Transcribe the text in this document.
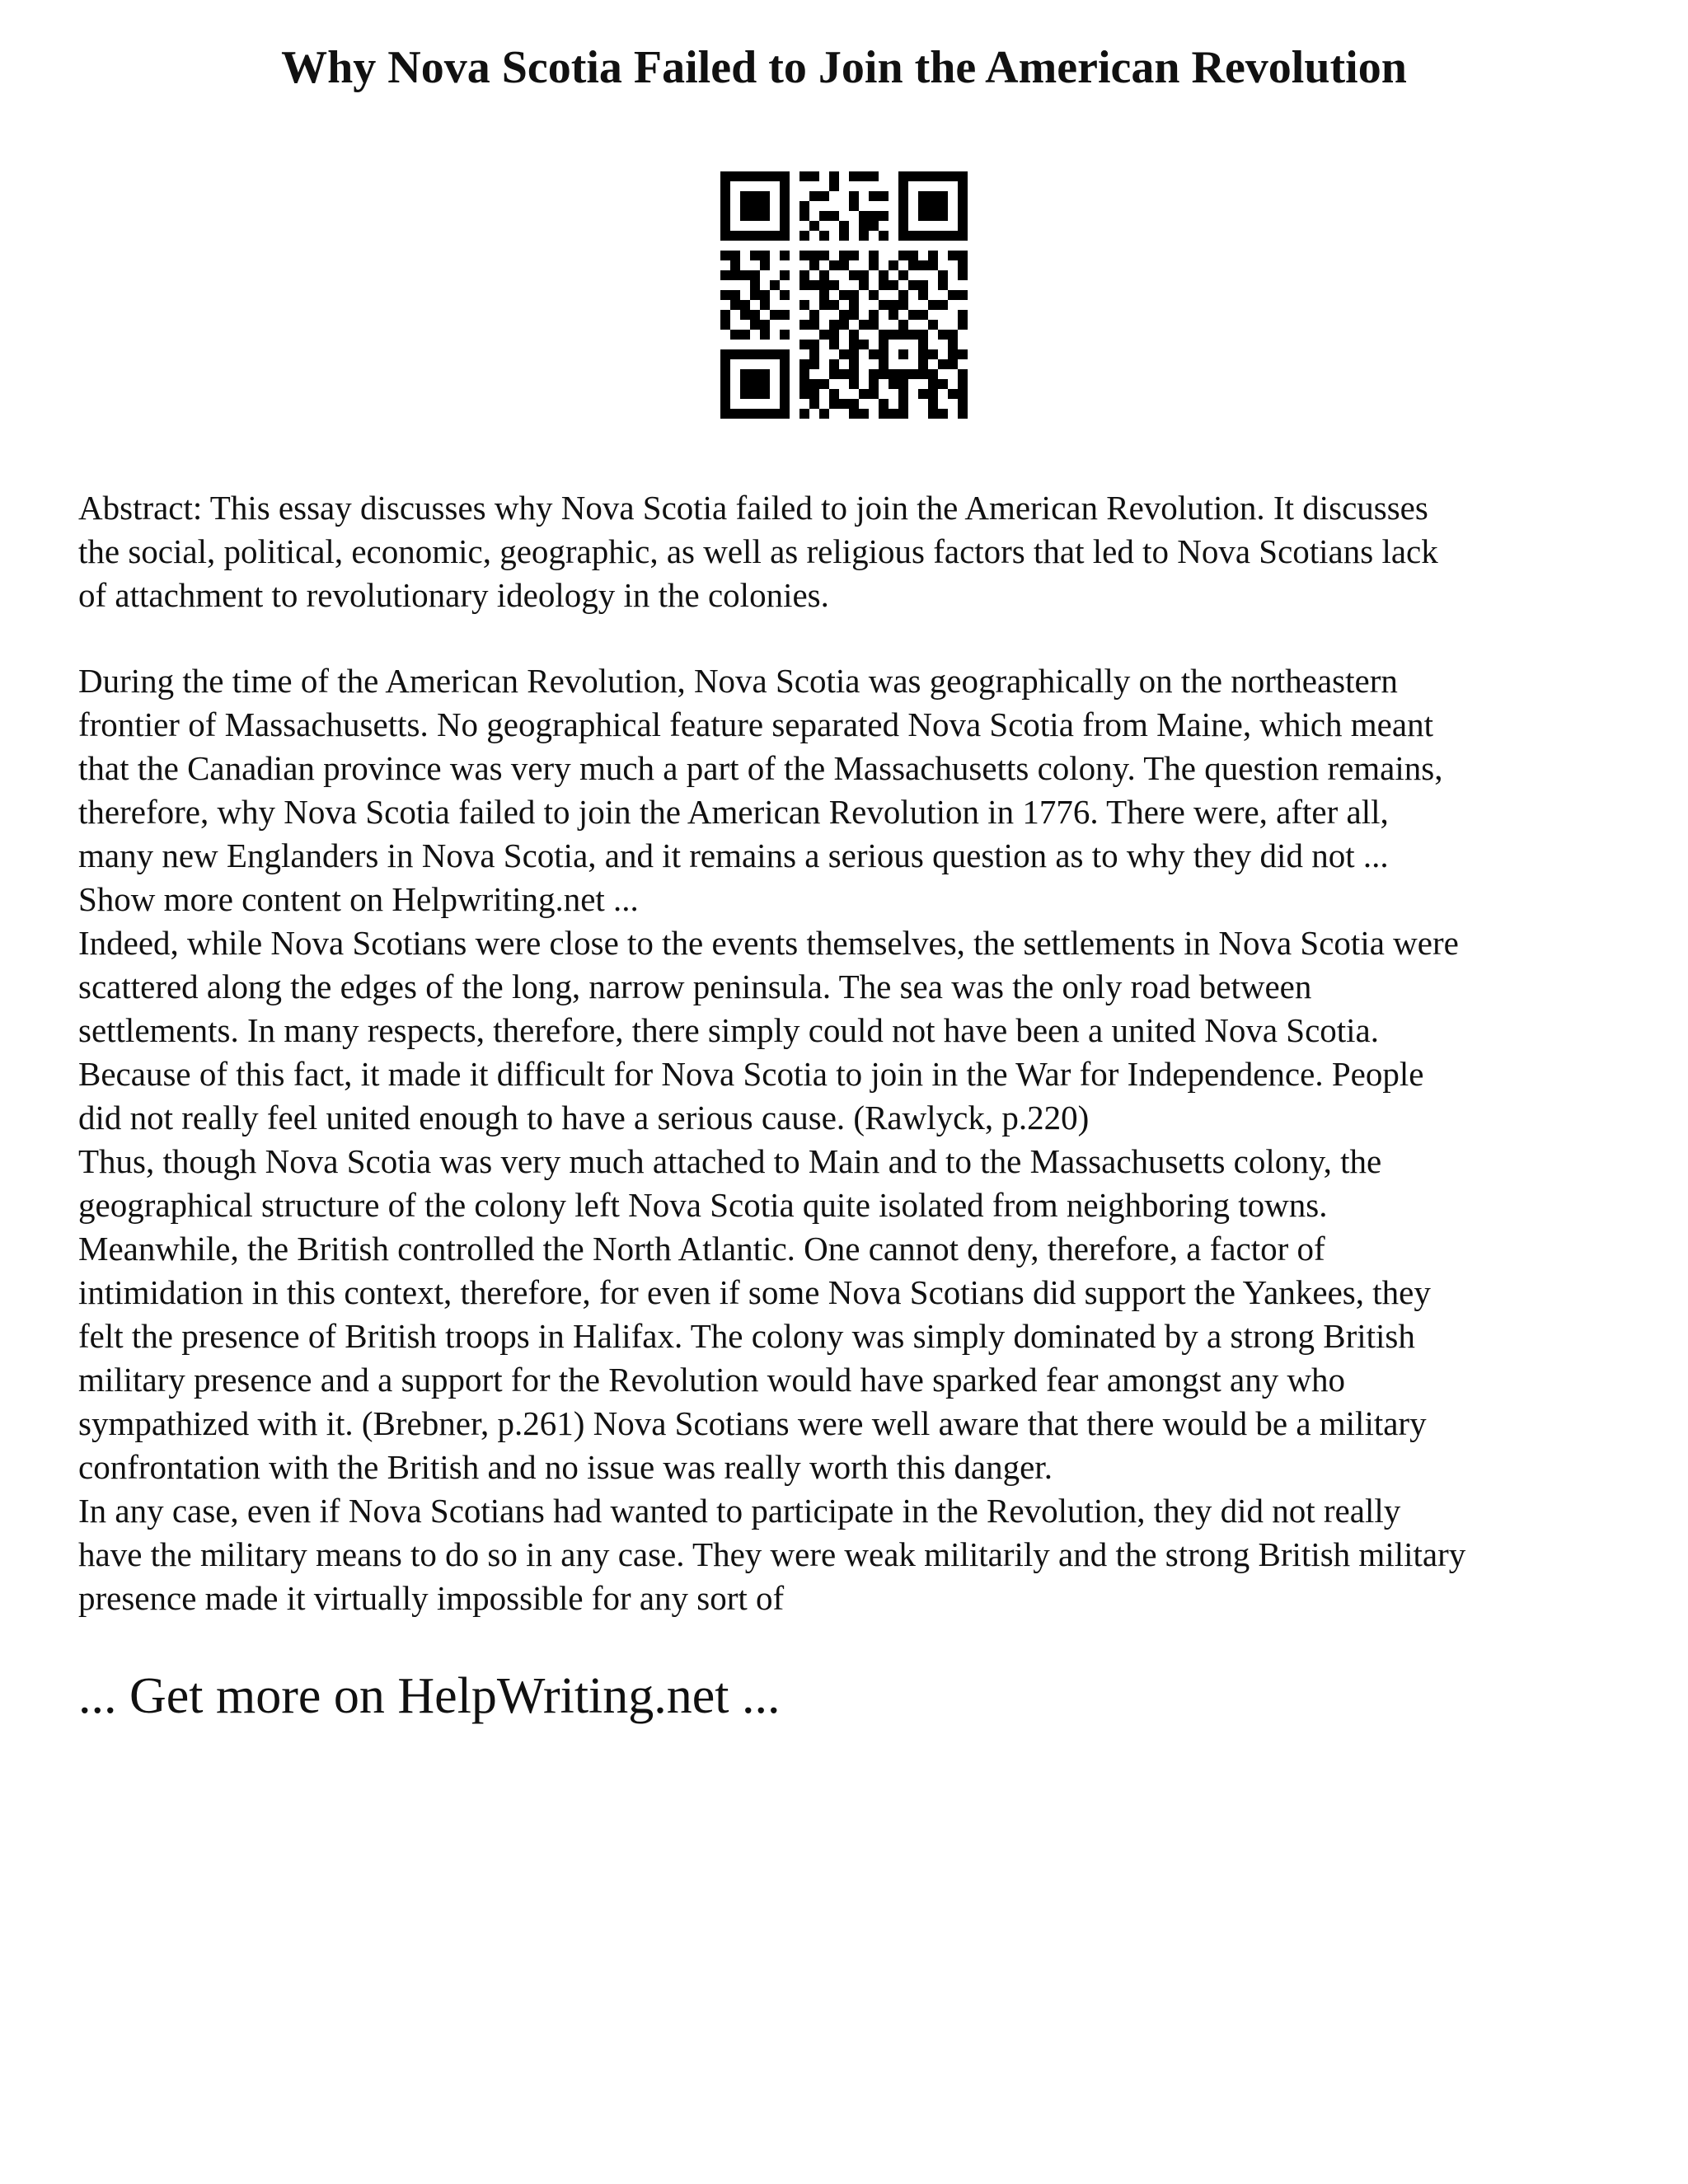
Why Nova Scotia Failed to Join the American Revolution
Abstract: This essay discusses why Nova Scotia failed to join the American Revolution. It discusses
the social, political, economic, geographic, as well as religious factors that led to Nova Scotians lack
of attachment to revolutionary ideology in the colonies.
During the time of the American Revolution, Nova Scotia was geographically on the northeastern
frontier of Massachusetts. No geographical feature separated Nova Scotia from Maine, which meant
that the Canadian province was very much a part of the Massachusetts colony. The question remains,
therefore, why Nova Scotia failed to join the American Revolution in 1776. There were, after all,
many new Englanders in Nova Scotia, and it remains a serious question as to why they did not ...
Show more content on Helpwriting.net ...
Indeed, while Nova Scotians were close to the events themselves, the settlements in Nova Scotia were
scattered along the edges of the long, narrow peninsula. The sea was the only road between
settlements. In many respects, therefore, there simply could not have been a united Nova Scotia.
Because of this fact, it made it difficult for Nova Scotia to join in the War for Independence. People
did not really feel united enough to have a serious cause. (Rawlyck, p.220)
Thus, though Nova Scotia was very much attached to Main and to the Massachusetts colony, the
geographical structure of the colony left Nova Scotia quite isolated from neighboring towns.
Meanwhile, the British controlled the North Atlantic. One cannot deny, therefore, a factor of
intimidation in this context, therefore, for even if some Nova Scotians did support the Yankees, they
felt the presence of British troops in Halifax. The colony was simply dominated by a strong British
military presence and a support for the Revolution would have sparked fear amongst any who
sympathized with it. (Brebner, p.261) Nova Scotians were well aware that there would be a military
confrontation with the British and no issue was really worth this danger.
In any case, even if Nova Scotians had wanted to participate in the Revolution, they did not really
have the military means to do so in any case. They were weak militarily and the strong British military
presence made it virtually impossible for any sort of

... Get more on HelpWriting.net ...
